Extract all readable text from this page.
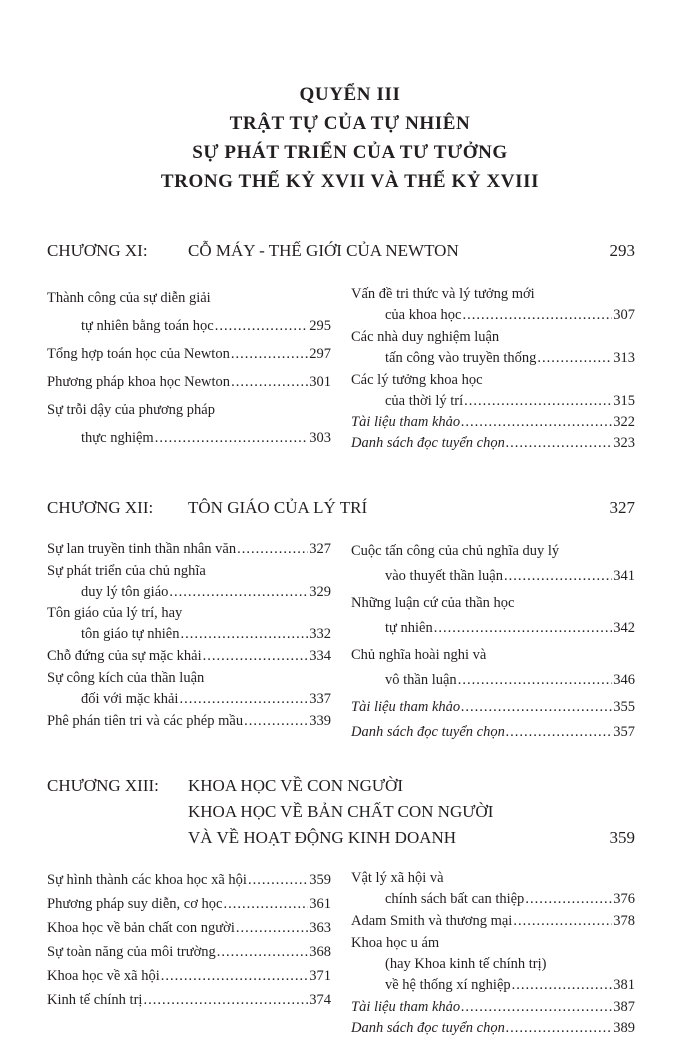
QUYỂN III
TRẬT TỰ CỦA TỰ NHIÊN
SỰ PHÁT TRIỂN CỦA TƯ TƯỞNG
TRONG THẾ KỶ XVII VÀ THẾ KỶ XVIII
CHƯƠNG XI: CỖ MÁY - THẾ GIỚI CỦA NEWTON	293
Thành công của sự diễn giải
tự nhiên bằng toán học .....	295
Tổng hợp toán học của Newton .....	297
Phương pháp khoa học Newton .....	301
Sự trỗi dậy của phương pháp
thực nghiệm .....	303
Vấn đề tri thức và lý tưởng mới
của khoa học .....	307
Các nhà duy nghiệm luận
tấn công vào truyền thống .....	313
Các lý tưởng khoa học
của thời lý trí .....	315
Tài liệu tham khảo .....	322
Danh sách đọc tuyển chọn .....	323
CHƯƠNG XII: TÔN GIÁO CỦA LÝ TRÍ	327
Sự lan truyền tinh thần nhân văn .....	327
Sự phát triển của chủ nghĩa
duy lý tôn giáo .....	329
Tôn giáo của lý trí, hay
tôn giáo tự nhiên .....	332
Chỗ đứng của sự mặc khải .....	334
Sự công kích của thần luận
đối với mặc khải .....	337
Phê phán tiên tri và các phép mầu .....	339
Cuộc tấn công của chủ nghĩa duy lý
vào thuyết thần luận .....	341
Những luận cứ của thần học
tự nhiên .....	342
Chủ nghĩa hoài nghi và
vô thần luận .....	346
Tài liệu tham khảo .....	355
Danh sách đọc tuyển chọn .....	357
CHƯƠNG XIII: KHOA HỌC VỀ CON NGƯỜI
KHOA HỌC VỀ BẢN CHẤT CON NGƯỜI
VÀ VỀ HOẠT ĐỘNG KINH DOANH	359
Sự hình thành các khoa học xã hội .....	359
Phương pháp suy diễn, cơ học .....	361
Khoa học về bản chất con người .....	363
Sự toàn năng của môi trường .....	368
Khoa học về xã hội .....	371
Kinh tế chính trị .....	374
Vật lý xã hội và
chính sách bất can thiệp .....	376
Adam Smith và thương mại .....	378
Khoa học u ám
(hay Khoa kinh tế chính trị)
về hệ thống xí nghiệp .....	381
Tài liệu tham khảo .....	387
Danh sách đọc tuyển chọn .....	389
